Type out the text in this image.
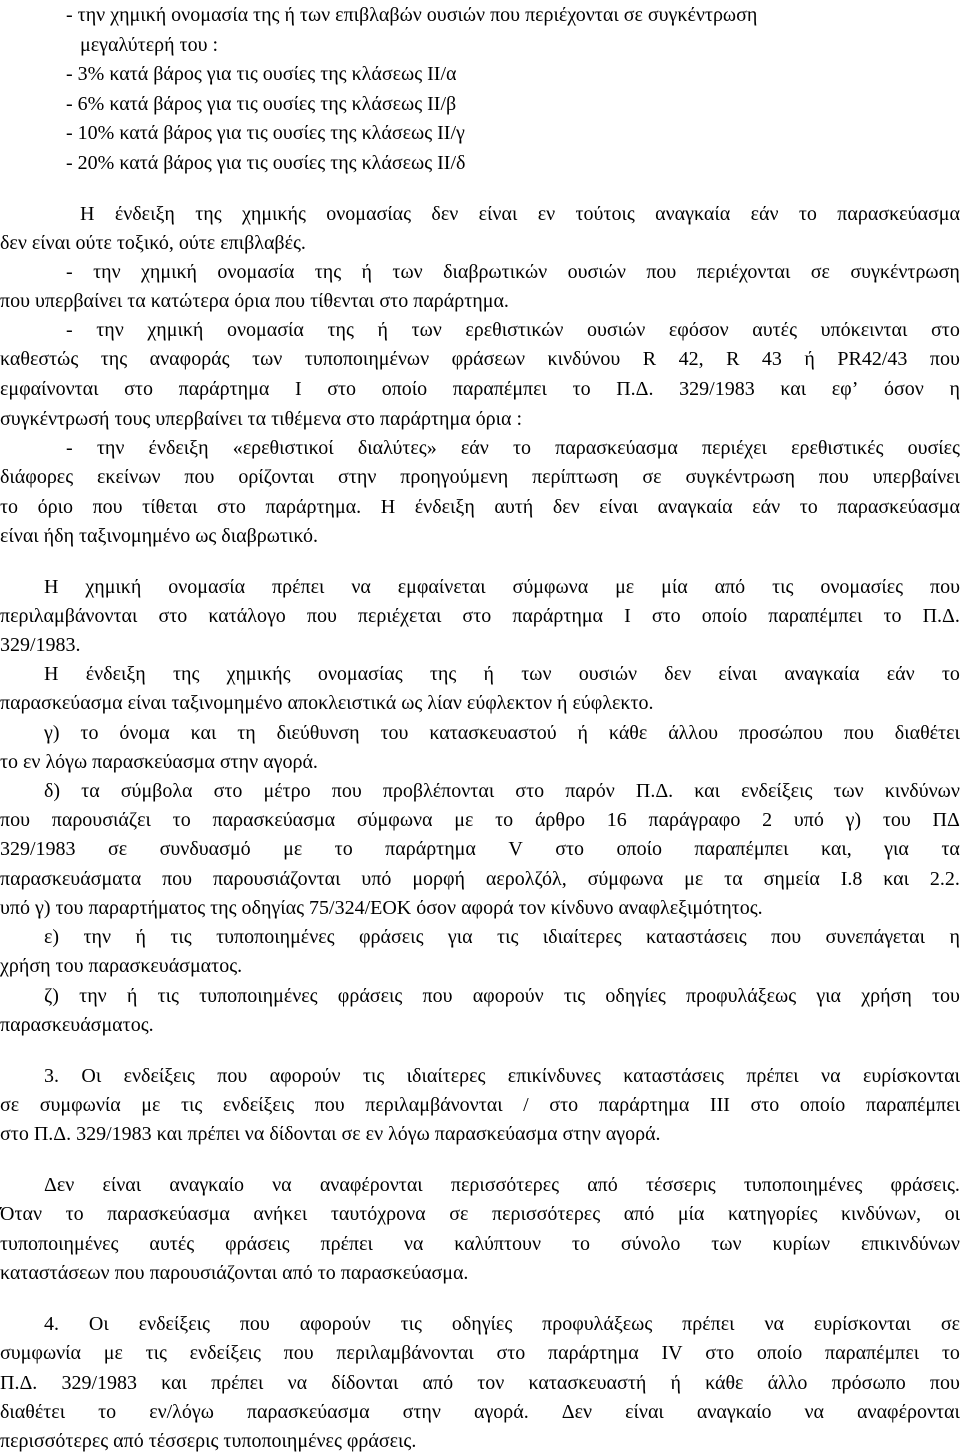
- την χημική ονομασία της ή των επιβλαβών ουσιών που περιέχονται σε συγκέντρωση
μεγαλύτερή του :
- 3% κατά βάρος για τις ουσίες της κλάσεως ΙΙ/α
- 6% κατά βάρος για τις ουσίες της κλάσεως ΙΙ/β
- 10% κατά βάρος για τις ουσίες της κλάσεως ΙΙ/γ
- 20% κατά βάρος για τις ουσίες της κλάσεως ΙΙ/δ
Η ένδειξη της χημικής ονομασίας δεν είναι εν τούτοις αναγκαία εάν το παρασκεύασμα
δεν είναι ούτε τοξικό, ούτε επιβλαβές.
- την χημική ονομασία της ή των διαβρωτικών ουσιών που περιέχονται σε συγκέντρωση
που υπερβαίνει τα κατώτερα όρια που τίθενται στο παράρτημα.
- την χημική ονομασία της ή των ερεθιστικών ουσιών εφόσον αυτές υπόκεινται στο
καθεστώς της αναφοράς των τυποποιημένων φράσεων κινδύνου R 42, R 43 ή PR42/43 που
εμφαίνονται στο παράρτημα Ι στο οποίο παραπέμπει το Π.Δ. 329/1983 και εφ’ όσον η
συγκέντρωσή τους υπερβαίνει τα τιθέμενα στο παράρτημα όρια :
- την ένδειξη «ερεθιστικοί διαλύτες» εάν το παρασκεύασμα περιέχει ερεθιστικές ουσίες
διάφορες εκείνων που ορίζονται στην προηγούμενη περίπτωση σε συγκέντρωση που υπερβαίνει
το όριο που τίθεται στο παράρτημα. Η ένδειξη αυτή δεν είναι αναγκαία εάν το παρασκεύασμα
είναι ήδη ταξινομημένο ως διαβρωτικό.
Η χημική ονομασία πρέπει να εμφαίνεται σύμφωνα με μία από τις ονομασίες που
περιλαμβάνονται στο κατάλογο που περιέχεται στο παράρτημα Ι στο οποίο παραπέμπει το Π.Δ.
329/1983.
Η ένδειξη της χημικής ονομασίας της ή των ουσιών δεν είναι αναγκαία εάν το
παρασκεύασμα είναι ταξινομημένο αποκλειστικά ως λίαν εύφλεκτον ή εύφλεκτο.
γ) το όνομα και τη διεύθυνση του κατασκευαστού ή κάθε άλλου προσώπου που διαθέτει
το εν λόγω παρασκεύασμα στην αγορά.
δ) τα σύμβολα στο μέτρο που προβλέπονται στο παρόν Π.Δ. και ενδείξεις των κινδύνων
που παρουσιάζει το παρασκεύασμα σύμφωνα με το άρθρο 16 παράγραφο 2 υπό γ) του ΠΔ
329/1983 σε συνδυασμό με το παράρτημα V στο οποίο παραπέμπει και, για τα
παρασκευάσματα που παρουσιάζονται υπό μορφή αερολζόλ, σύμφωνα με τα σημεία Ι.8 και 2.2.
υπό γ) του παραρτήματος της οδηγίας 75/324/ΕΟΚ όσον αφορά τον κίνδυνο αναφλεξιμότητος.
ε) την ή τις τυποποιημένες φράσεις για τις ιδιαίτερες καταστάσεις που συνεπάγεται η
χρήση του παρασκευάσματος.
ζ) την ή τις τυποποιημένες φράσεις που αφορούν τις οδηγίες προφυλάξεως για χρήση του
παρασκευάσματος.
3. Οι ενδείξεις που αφορούν τις ιδιαίτερες επικίνδυνες καταστάσεις πρέπει να ευρίσκονται
σε συμφωνία με τις ενδείξεις που περιλαμβάνονται / στο παράρτημα ΙΙΙ στο οποίο παραπέμπει
στο Π.Δ. 329/1983 και πρέπει να δίδονται σε εν λόγω παρασκεύασμα στην αγορά.
Δεν είναι αναγκαίο να αναφέρονται περισσότερες από τέσσερις τυποποιημένες φράσεις.
Όταν το παρασκεύασμα ανήκει ταυτόχρονα σε περισσότερες από μία κατηγορίες κινδύνων, οι
τυποποιημένες αυτές φράσεις πρέπει να καλύπτουν το σύνολο των κυρίων επικινδύνων
καταστάσεων που παρουσιάζονται από το παρασκεύασμα.
4. Οι ενδείξεις που αφορούν τις οδηγίες προφυλάξεως πρέπει να ευρίσκονται σε
συμφωνία με τις ενδείξεις που περιλαμβάνονται στο παράρτημα IV στο οποίο παραπέμπει το
Π.Δ. 329/1983 και πρέπει να δίδονται από τον κατασκευαστή ή κάθε άλλο πρόσωπο που
διαθέτει το εν/λόγω παρασκεύασμα στην αγορά. Δεν είναι αναγκαίο να αναφέρονται
περισσότερες από τέσσερις τυποποιημένες φράσεις.
